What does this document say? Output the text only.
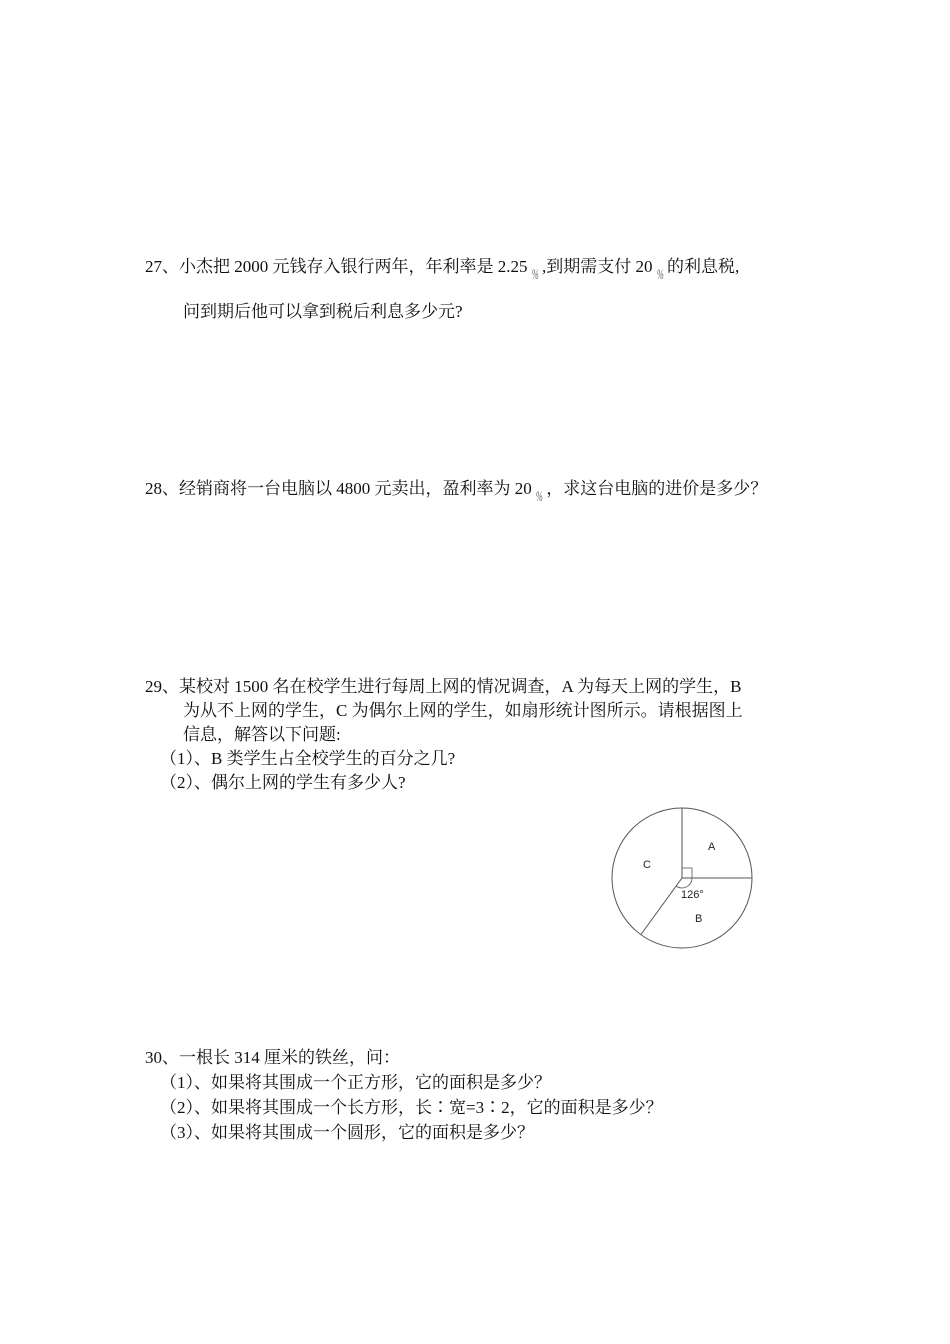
27、小杰把 2000 元钱存入银行两年，年利率是 2.25 % ,到期需支付 20 % 的利息税,
问到期后他可以拿到税后利息多少元?
28、经销商将一台电脑以 4800 元卖出，盈利率为 20 % ，求这台电脑的进价是多少？
29、某校对 1500 名在校学生进行每周上网的情况调查，A 为每天上网的学生，B
为从不上网的学生，C 为偶尔上网的学生，如扇形统计图所示。请根据图上
信息，解答以下问题:
（1）、B 类学生占全校学生的百分之几?
（2）、偶尔上网的学生有多少人?
A
C
B
126°
30、一根长 314 厘米的铁丝，问：
（1）、如果将其围成一个正方形，它的面积是多少？
（2）、如果将其围成一个长方形，长∶宽=3∶2，它的面积是多少？
（3）、如果将其围成一个圆形，它的面积是多少？
